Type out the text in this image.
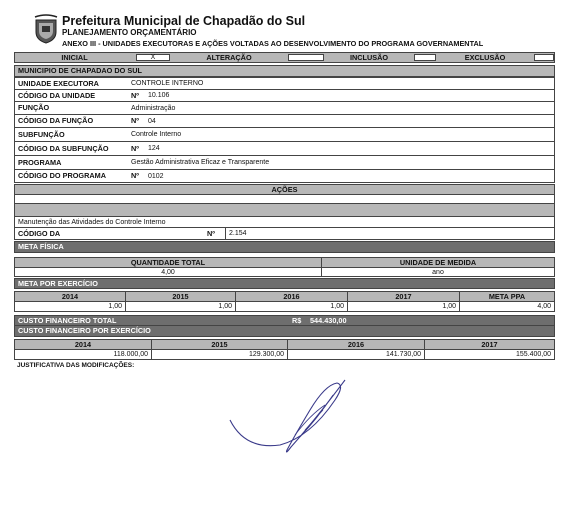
Prefeitura Municipal de Chapadão do Sul
PLANEJAMENTO ORÇAMENTÁRIO
ANEXO III - UNIDADES EXECUTORAS E AÇÕES VOLTADAS AO DESENVOLVIMENTO DO PROGRAMA GOVERNAMENTAL
INICIAL	X	ALTERAÇÃO	INCLUSÃO	EXCLUSÃO
MUNICIPIO DE CHAPADAO DO SUL
UNIDADE EXECUTORA	CONTROLE INTERNO
CÓDIGO DA UNIDADE	Nº 10.106
FUNÇÃO	Administração
CÓDIGO DA FUNÇÃO	Nº 04
SUBFUNÇÃO	Controle Interno
CÓDIGO DA SUBFUNÇÃO	Nº 124
PROGRAMA	Gestão Administrativa Eficaz e Transparente
CÓDIGO DO PROGRAMA	Nº 0102
AÇÕES
Manutenção das Atividades do Controle Interno
CÓDIGO DA	Nº	2.154
META FÍSICA
QUANTIDADE TOTAL	UNIDADE DE MEDIDA
4,00	ano
META POR EXERCÍCIO
2014	2015	2016	2017	META PPA
1,00	1,00	1,00	1,00	4,00
CUSTO FINANCEIRO TOTAL	R$ 544.430,00
CUSTO FINANCEIRO POR EXERCÍCIO
2014	2015	2016	2017
118.000,00	129.300,00	141.730,00	155.400,00
JUSTIFICATIVA DAS MODIFICAÇÕES:
